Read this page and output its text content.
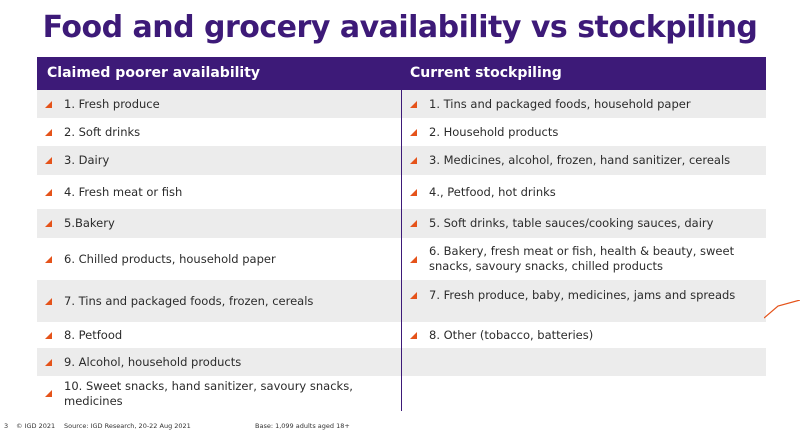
Food and grocery availability vs stockpiling
Claimed poorer availability
1. Fresh produce
2. Soft drinks
3. Dairy
4. Fresh meat or fish
5.Bakery
6. Chilled products, household paper
7. Tins and packaged foods, frozen, cereals
8. Petfood
9. Alcohol, household products
10. Sweet snacks, hand sanitizer, savoury snacks, medicines
Current stockpiling
1. Tins and packaged foods, household paper
2. Household products
3. Medicines, alcohol, frozen, hand sanitizer, cereals
4., Petfood, hot drinks
5. Soft drinks, table sauces/cooking sauces, dairy
6. Bakery, fresh meat or fish, health & beauty, sweet snacks, savoury snacks, chilled products
7. Fresh produce, baby, medicines, jams and spreads
8. Other (tobacco, batteries)
3 © IGD 2021 Source: IGD Research, 20-22 Aug 2021	Base: 1,099 adults aged 18+
